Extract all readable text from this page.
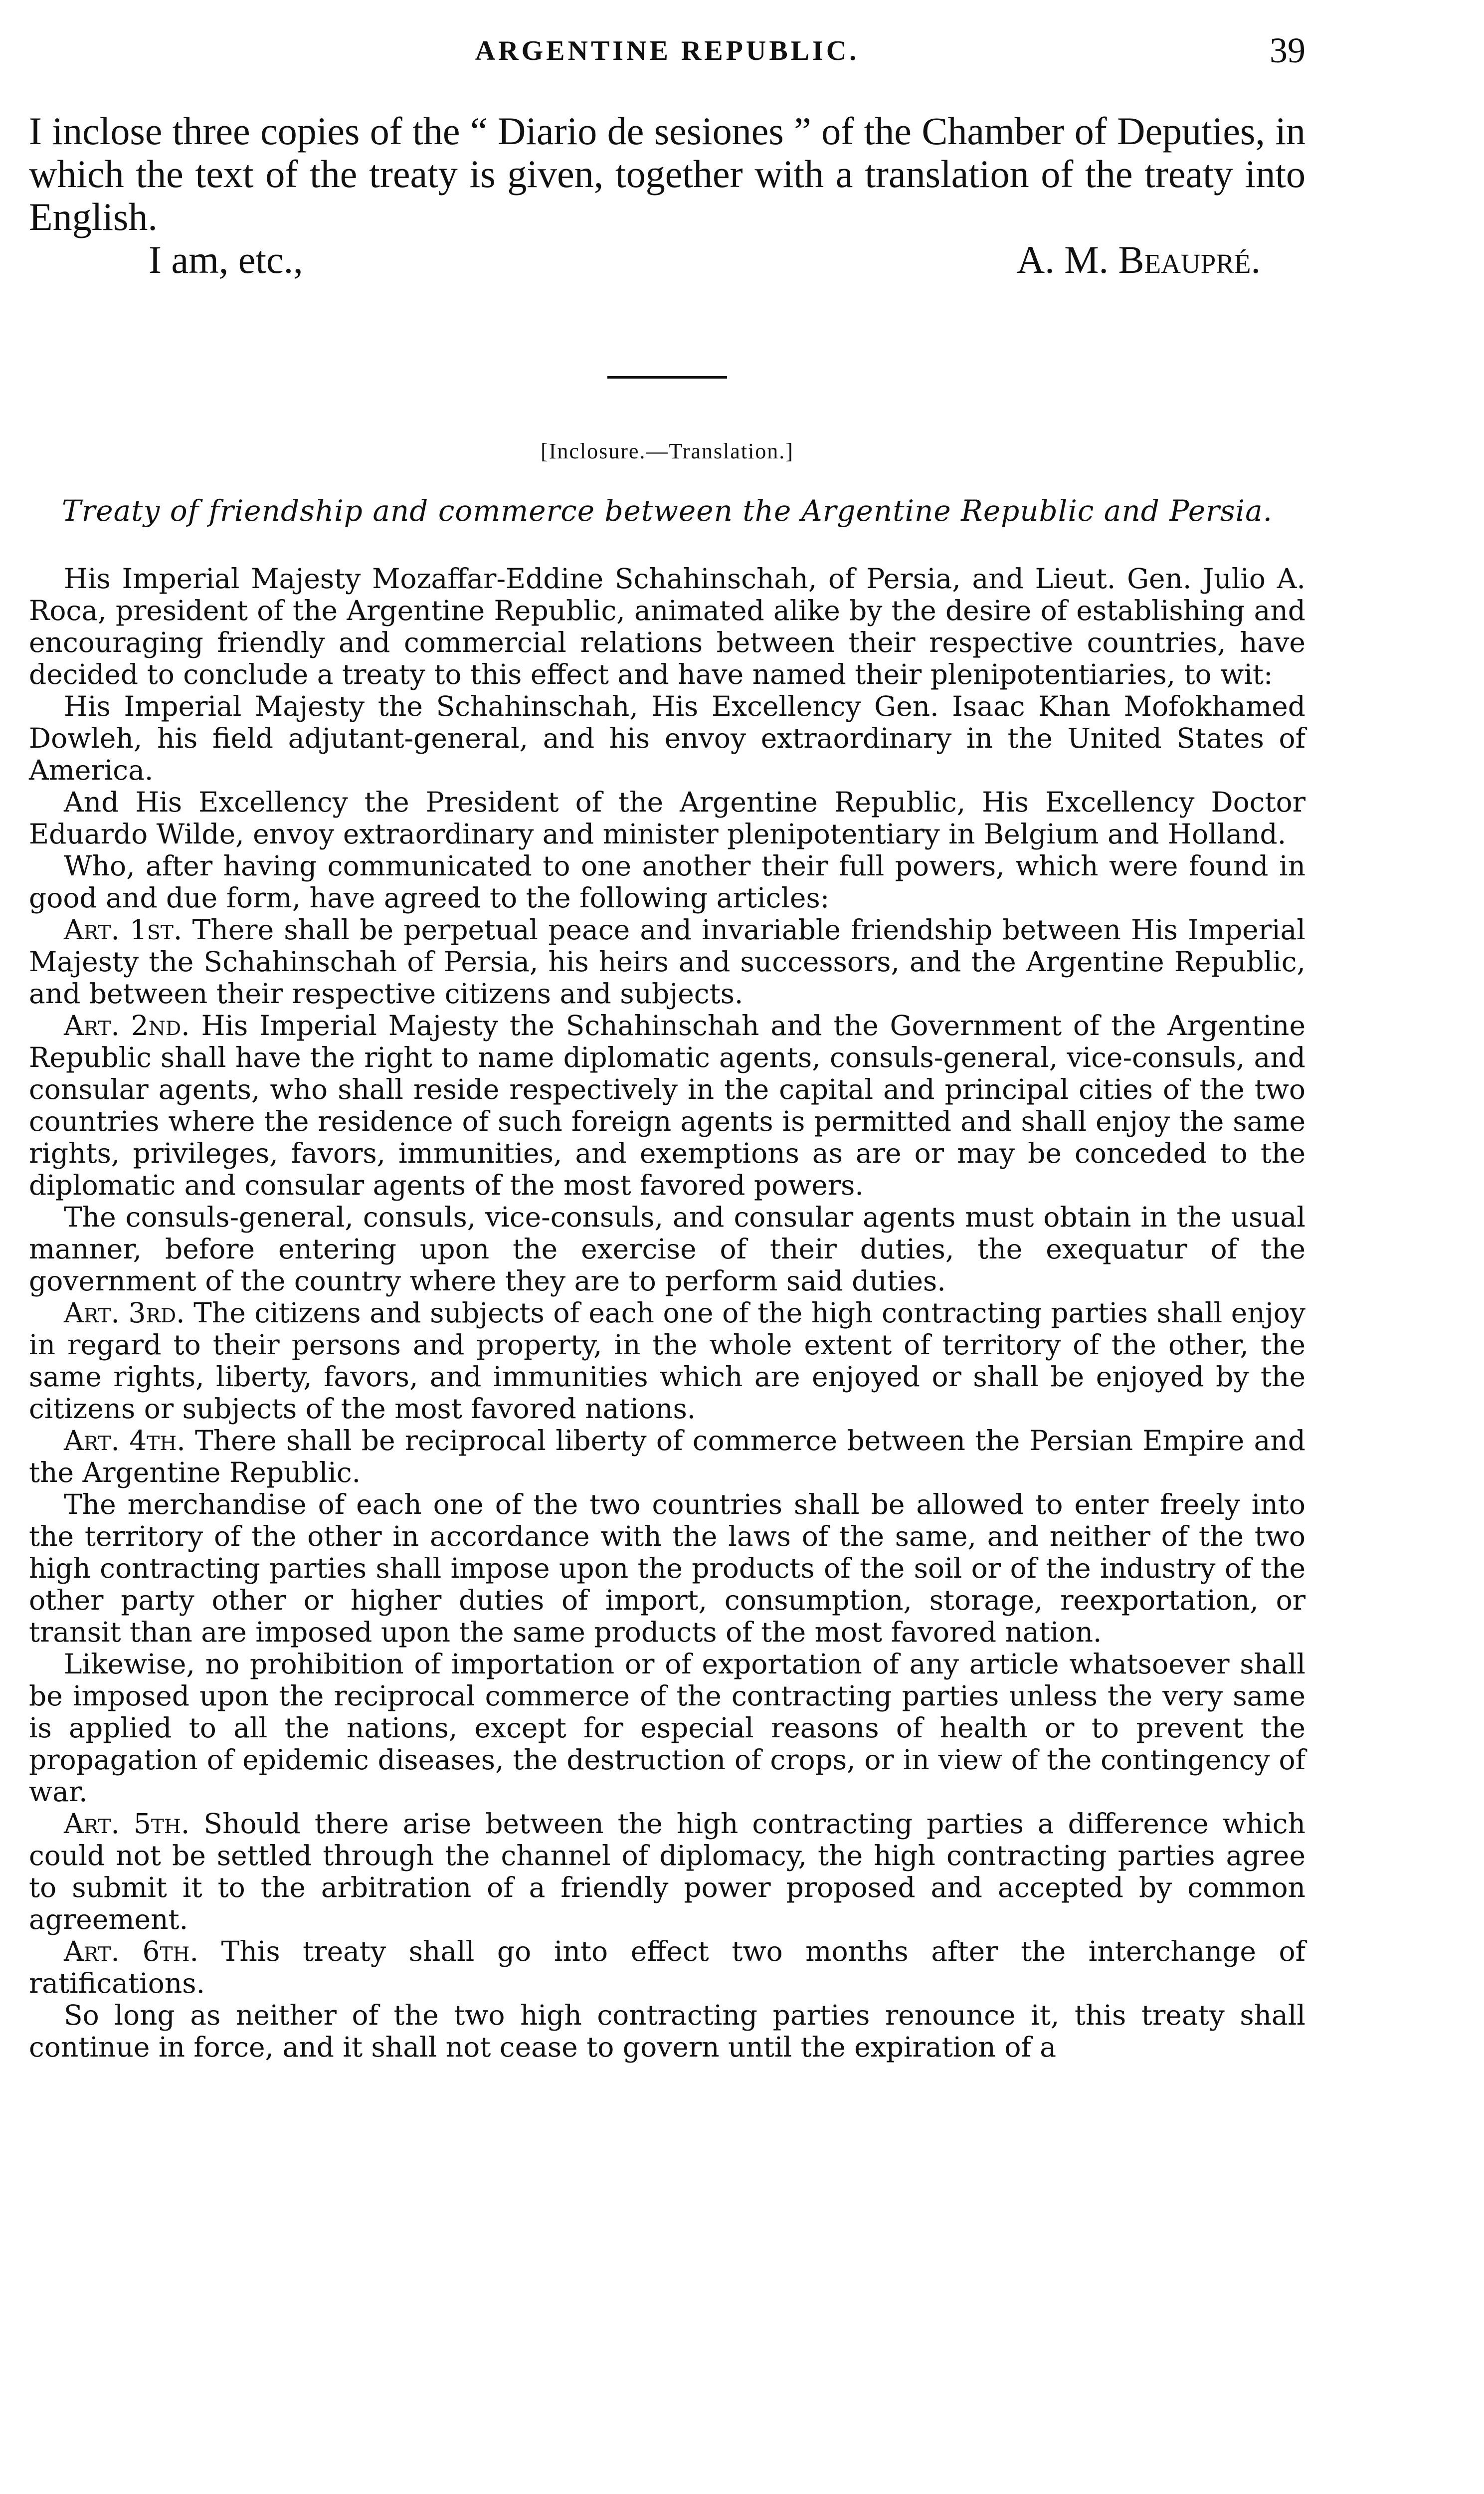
ARGENTINE REPUBLIC.	39

I inclose three copies of the “ Diario de sesiones ” of the Chamber of Deputies, in which the text of the treaty is given, together with a translation of the treaty into English.

I am, etc.,	A. M. Beaupré.
[Inclosure.—Translation.]
Treaty of friendship and commerce between the Argentine Republic and Persia.

His Imperial Majesty Mozaffar-Eddine Schahinschah, of Persia, and Lieut. Gen. Julio A. Roca, president of the Argentine Republic, animated alike by the desire of establishing and encouraging friendly and commercial relations between their respective countries, have decided to conclude a treaty to this effect and have named their plenipotentiaries, to wit:

His Imperial Majesty the Schahinschah, His Excellency Gen. Isaac Khan Mofokhamed Dowleh, his field adjutant-general, and his envoy extraordinary in the United States of America.

And His Excellency the President of the Argentine Republic, His Excellency Doctor Eduardo Wilde, envoy extraordinary and minister plenipotentiary in Belgium and Holland.

Who, after having communicated to one another their full powers, which were found in good and due form, have agreed to the following articles:

Art. 1st. There shall be perpetual peace and invariable friendship between His Imperial Majesty the Schahinschah of Persia, his heirs and successors, and the Argentine Republic, and between their respective citizens and subjects.

Art. 2nd. His Imperial Majesty the Schahinschah and the Government of the Argentine Republic shall have the right to name diplomatic agents, consuls-general, vice-consuls, and consular agents, who shall reside respectively in the capital and principal cities of the two countries where the residence of such foreign agents is permitted and shall enjoy the same rights, privileges, favors, immunities, and exemptions as are or may be conceded to the diplomatic and consular agents of the most favored powers.

The consuls-general, consuls, vice-consuls, and consular agents must obtain in the usual manner, before entering upon the exercise of their duties, the exequatur of the government of the country where they are to perform said duties.

Art. 3rd. The citizens and subjects of each one of the high contracting parties shall enjoy in regard to their persons and property, in the whole extent of territory of the other, the same rights, liberty, favors, and immunities which are enjoyed or shall be enjoyed by the citizens or subjects of the most favored nations.

Art. 4th. There shall be reciprocal liberty of commerce between the Persian Empire and the Argentine Republic.

The merchandise of each one of the two countries shall be allowed to enter freely into the territory of the other in accordance with the laws of the same, and neither of the two high contracting parties shall impose upon the products of the soil or of the industry of the other party other or higher duties of import, consumption, storage, reexportation, or transit than are imposed upon the same products of the most favored nation.

Likewise, no prohibition of importation or of exportation of any article whatsoever shall be imposed upon the reciprocal commerce of the contracting parties unless the very same is applied to all the nations, except for especial reasons of health or to prevent the propagation of epidemic diseases, the destruction of crops, or in view of the contingency of war.

Art. 5th. Should there arise between the high contracting parties a difference which could not be settled through the channel of diplomacy, the high contracting parties agree to submit it to the arbitration of a friendly power proposed and accepted by common agreement.

Art. 6th. This treaty shall go into effect two months after the interchange of ratifications.

So long as neither of the two high contracting parties renounce it, this treaty shall continue in force, and it shall not cease to govern until the expiration of a
